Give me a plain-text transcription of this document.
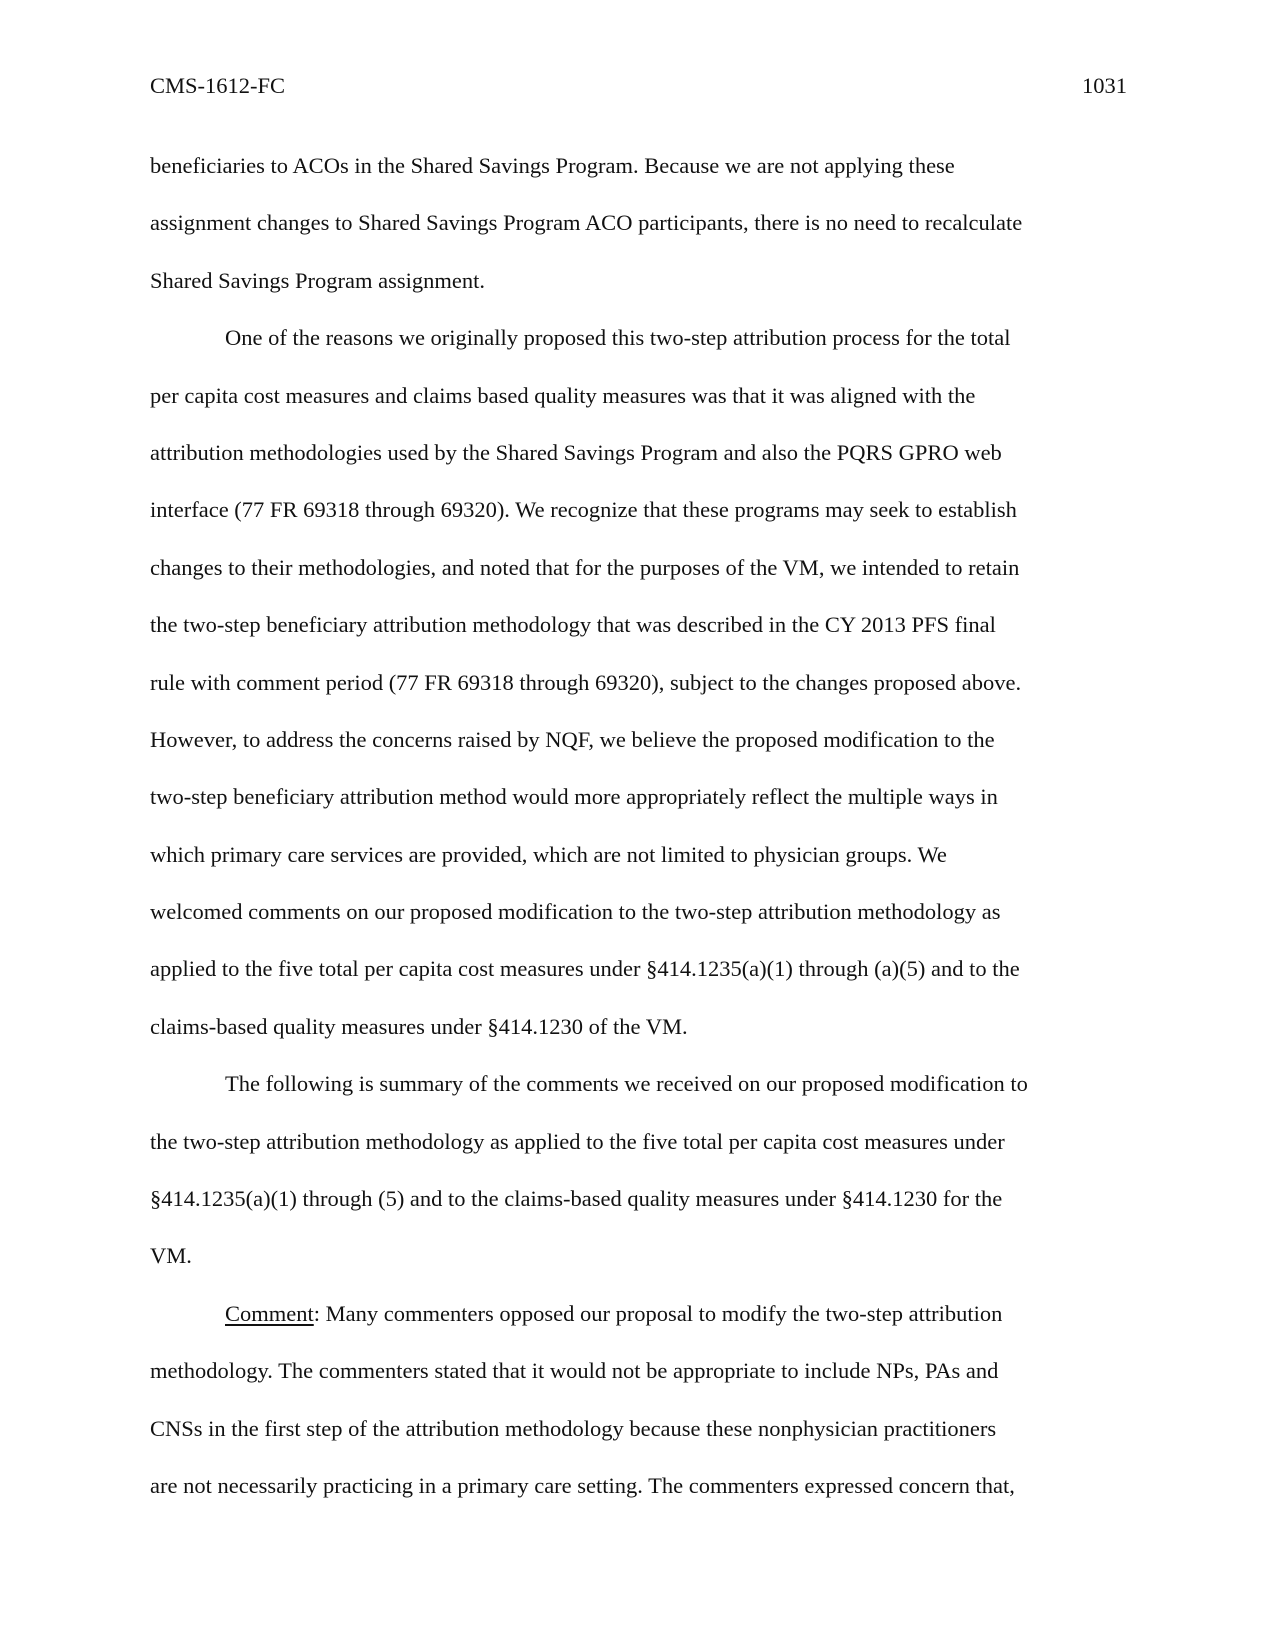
CMS-1612-FC	1031
beneficiaries to ACOs in the Shared Savings Program. Because we are not applying these
assignment changes to Shared Savings Program ACO participants, there is no need to recalculate
Shared Savings Program assignment.
One of the reasons we originally proposed this two-step attribution process for the total
per capita cost measures and claims based quality measures was that it was aligned with the
attribution methodologies used by the Shared Savings Program and also the PQRS GPRO web
interface (77 FR 69318 through 69320). We recognize that these programs may seek to establish
changes to their methodologies, and noted that for the purposes of the VM, we intended to retain
the two-step beneficiary attribution methodology that was described in the CY 2013 PFS final
rule with comment period (77 FR 69318 through 69320), subject to the changes proposed above.
However, to address the concerns raised by NQF, we believe the proposed modification to the
two-step beneficiary attribution method would more appropriately reflect the multiple ways in
which primary care services are provided, which are not limited to physician groups. We
welcomed comments on our proposed modification to the two-step attribution methodology as
applied to the five total per capita cost measures under §414.1235(a)(1) through (a)(5) and to the
claims-based quality measures under §414.1230 of the VM.
The following is summary of the comments we received on our proposed modification to
the two-step attribution methodology as applied to the five total per capita cost measures under
§414.1235(a)(1) through (5) and to the claims-based quality measures under §414.1230 for the
VM.
Comment: Many commenters opposed our proposal to modify the two-step attribution
methodology. The commenters stated that it would not be appropriate to include NPs, PAs and
CNSs in the first step of the attribution methodology because these nonphysician practitioners
are not necessarily practicing in a primary care setting. The commenters expressed concern that,
